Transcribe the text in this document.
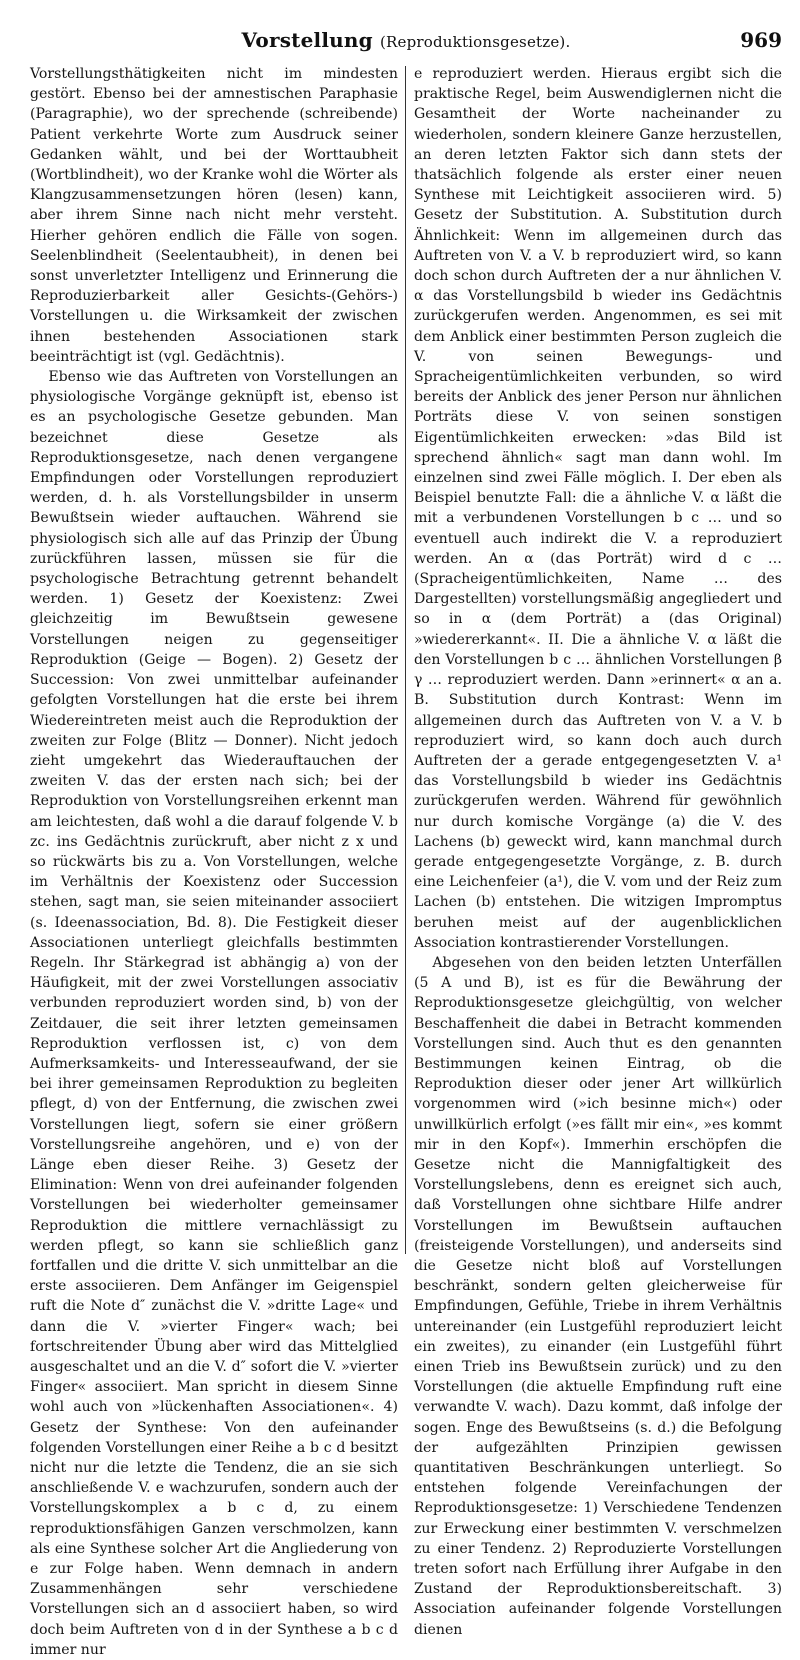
Vorstellung (Reproduktionsgesetze).	969

Vorstellungsthätigkeiten nicht im mindesten gestört. Ebenso bei der amnestischen Paraphasie (Paragraphie), wo der sprechende (schreibende) Patient verkehrte Worte zum Ausdruck seiner Gedanken wählt, und bei der Worttaubheit (Wortblindheit), wo der Kranke wohl die Wörter als Klangzusammensetzungen hören (lesen) kann, aber ihrem Sinne nach nicht mehr versteht. Hierher gehören endlich die Fälle von sogen. Seelenblindheit (Seelentaubheit), in denen bei sonst unverletzter Intelligenz und Erinnerung die Reproduzierbarkeit aller Gesichts-(Gehörs-) Vorstellungen u. die Wirksamkeit der zwischen ihnen bestehenden Associationen stark beeinträchtigt ist (vgl. Gedächtnis).

Ebenso wie das Auftreten von Vorstellungen an physiologische Vorgänge geknüpft ist, ebenso ist es an psychologische Gesetze gebunden. Man bezeichnet diese Gesetze als Reproduktionsgesetze, nach denen vergangene Empfindungen oder Vorstellungen reproduziert werden, d. h. als Vorstellungsbilder in unserm Bewußtsein wieder auftauchen. Während sie physiologisch sich alle auf das Prinzip der Übung zurückführen lassen, müssen sie für die psychologische Betrachtung getrennt behandelt werden. 1) Gesetz der Koexistenz: Zwei gleichzeitig im Bewußtsein gewesene Vorstellungen neigen zu gegenseitiger Reproduktion (Geige — Bogen). 2) Gesetz der Succession: Von zwei unmittelbar aufeinander gefolgten Vorstellungen hat die erste bei ihrem Wiedereintreten meist auch die Reproduktion der zweiten zur Folge (Blitz — Donner). Nicht jedoch zieht umgekehrt das Wiederauftauchen der zweiten V. das der ersten nach sich; bei der Reproduktion von Vorstellungsreihen erkennt man am leichtesten, daß wohl a die darauf folgende V. b zc. ins Gedächtnis zurückruft, aber nicht z x und so rückwärts bis zu a. Von Vorstellungen, welche im Verhältnis der Koexistenz oder Succession stehen, sagt man, sie seien miteinander associiert (s. Ideenassociation, Bd. 8). Die Festigkeit dieser Associationen unterliegt gleichfalls bestimmten Regeln. Ihr Stärkegrad ist abhängig a) von der Häufigkeit, mit der zwei Vorstellungen associativ verbunden reproduziert worden sind, b) von der Zeitdauer, die seit ihrer letzten gemeinsamen Reproduktion verflossen ist, c) von dem Aufmerksamkeits- und Interesseaufwand, der sie bei ihrer gemeinsamen Reproduktion zu begleiten pflegt, d) von der Entfernung, die zwischen zwei Vorstellungen liegt, sofern sie einer größern Vorstellungsreihe angehören, und e) von der Länge eben dieser Reihe. 3) Gesetz der Elimination: Wenn von drei aufeinander folgenden Vorstellungen bei wiederholter gemeinsamer Reproduktion die mittlere vernachlässigt zu werden pflegt, so kann sie schließlich ganz fortfallen und die dritte V. sich unmittelbar an die erste associieren. Dem Anfänger im Geigenspiel ruft die Note d″ zunächst die V. »dritte Lage« und dann die V. »vierter Finger« wach; bei fortschreitender Übung aber wird das Mittelglied ausgeschaltet und an die V. d″ sofort die V. »vierter Finger« associiert. Man spricht in diesem Sinne wohl auch von »lückenhaften Associationen«. 4) Gesetz der Synthese: Von den aufeinander folgenden Vorstellungen einer Reihe a b c d besitzt nicht nur die letzte die Tendenz, die an sie sich anschließende V. e wachzurufen, sondern auch der Vorstellungskomplex a b c d, zu einem reproduktionsfähigen Ganzen verschmolzen, kann als eine Synthese solcher Art die Angliederung von e zur Folge haben. Wenn demnach in andern Zusammenhängen sehr verschiedene Vorstellungen sich an d associiert haben, so wird doch beim Auftreten von d in der Synthese a b c d immer nur

e reproduziert werden. Hieraus ergibt sich die praktische Regel, beim Auswendiglernen nicht die Gesamtheit der Worte nacheinander zu wiederholen, sondern kleinere Ganze herzustellen, an deren letzten Faktor sich dann stets der thatsächlich folgende als erster einer neuen Synthese mit Leichtigkeit associieren wird. 5) Gesetz der Substitution. A. Substitution durch Ähnlichkeit: Wenn im allgemeinen durch das Auftreten von V. a V. b reproduziert wird, so kann doch schon durch Auftreten der a nur ähnlichen V. α das Vorstellungsbild b wieder ins Gedächtnis zurückgerufen werden. Angenommen, es sei mit dem Anblick einer bestimmten Person zugleich die V. von seinen Bewegungs- und Spracheigentümlichkeiten verbunden, so wird bereits der Anblick des jener Person nur ähnlichen Porträts diese V. von seinen sonstigen Eigentümlichkeiten erwecken: »das Bild ist sprechend ähnlich« sagt man dann wohl. Im einzelnen sind zwei Fälle möglich. I. Der eben als Beispiel benutzte Fall: die a ähnliche V. α läßt die mit a verbundenen Vorstellungen b c … und so eventuell auch indirekt die V. a reproduziert werden. An α (das Porträt) wird d c … (Spracheigentümlichkeiten, Name … des Dargestellten) vorstellungsmäßig angegliedert und so in α (dem Porträt) a (das Original) »wiedererkannt«. II. Die a ähnliche V. α läßt die den Vorstellungen b c … ähnlichen Vorstellungen β γ … reproduziert werden. Dann »erinnert« α an a. B. Substitution durch Kontrast: Wenn im allgemeinen durch das Auftreten von V. a V. b reproduziert wird, so kann doch auch durch Auftreten der a gerade entgegengesetzten V. a¹ das Vorstellungsbild b wieder ins Gedächtnis zurückgerufen werden. Während für gewöhnlich nur durch komische Vorgänge (a) die V. des Lachens (b) geweckt wird, kann manchmal durch gerade entgegengesetzte Vorgänge, z. B. durch eine Leichenfeier (a¹), die V. vom und der Reiz zum Lachen (b) entstehen. Die witzigen Impromptus beruhen meist auf der augenblicklichen Association kontrastierender Vorstellungen.

Abgesehen von den beiden letzten Unterfällen (5 A und B), ist es für die Bewährung der Reproduktionsgesetze gleichgültig, von welcher Beschaffenheit die dabei in Betracht kommenden Vorstellungen sind. Auch thut es den genannten Bestimmungen keinen Eintrag, ob die Reproduktion dieser oder jener Art willkürlich vorgenommen wird (»ich besinne mich«) oder unwillkürlich erfolgt (»es fällt mir ein«, »es kommt mir in den Kopf«). Immerhin erschöpfen die Gesetze nicht die Mannigfaltigkeit des Vorstellungslebens, denn es ereignet sich auch, daß Vorstellungen ohne sichtbare Hilfe andrer Vorstellungen im Bewußtsein auftauchen (freisteigende Vorstellungen), und anderseits sind die Gesetze nicht bloß auf Vorstellungen beschränkt, sondern gelten gleicherweise für Empfindungen, Gefühle, Triebe in ihrem Verhältnis untereinander (ein Lustgefühl reproduziert leicht ein zweites), zu einander (ein Lustgefühl führt einen Trieb ins Bewußtsein zurück) und zu den Vorstellungen (die aktuelle Empfindung ruft eine verwandte V. wach). Dazu kommt, daß infolge der sogen. Enge des Bewußtseins (s. d.) die Befolgung der aufgezählten Prinzipien gewissen quantitativen Beschränkungen unterliegt. So entstehen folgende Vereinfachungen der Reproduktionsgesetze: 1) Verschiedene Tendenzen zur Erweckung einer bestimmten V. verschmelzen zu einer Tendenz. 2) Reproduzierte Vorstellungen treten sofort nach Erfüllung ihrer Aufgabe in den Zustand der Reproduktionsbereitschaft. 3) Association aufeinander folgende Vorstellungen dienen
